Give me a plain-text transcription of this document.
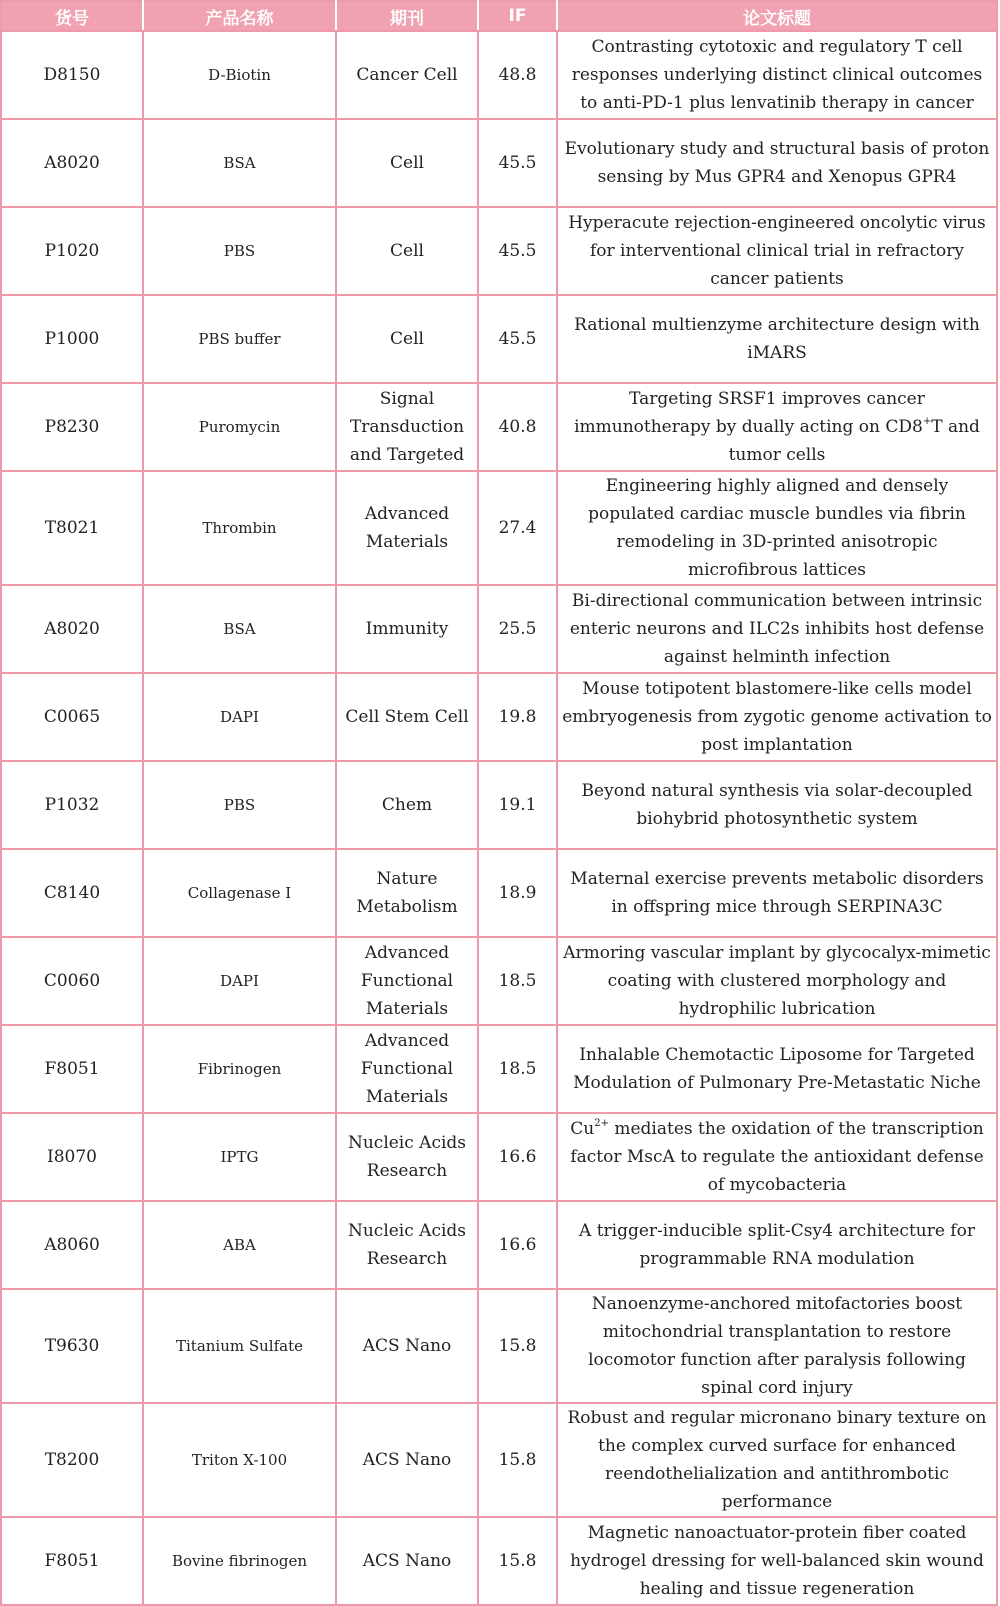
货号	产品名称	期刊	IF	论文标题
D8150	D-Biotin	Cancer Cell	48.8	Contrasting cytotoxic and regulatory T cell responses underlying distinct clinical outcomes to anti-PD-1 plus lenvatinib therapy in cancer
A8020	BSA	Cell	45.5	Evolutionary study and structural basis of proton sensing by Mus GPR4 and Xenopus GPR4
P1020	PBS	Cell	45.5	Hyperacute rejection-engineered oncolytic virus for interventional clinical trial in refractory cancer patients
P1000	PBS buffer	Cell	45.5	Rational multienzyme architecture design with iMARS
P8230	Puromycin	Signal Transduction and Targeted	40.8	Targeting SRSF1 improves cancer immunotherapy by dually acting on CD8+T and tumor cells
T8021	Thrombin	Advanced Materials	27.4	Engineering highly aligned and densely populated cardiac muscle bundles via fibrin remodeling in 3D-printed anisotropic microfibrous lattices
A8020	BSA	Immunity	25.5	Bi-directional communication between intrinsic enteric neurons and ILC2s inhibits host defense against helminth infection
C0065	DAPI	Cell Stem Cell	19.8	Mouse totipotent blastomere-like cells model embryogenesis from zygotic genome activation to post implantation
P1032	PBS	Chem	19.1	Beyond natural synthesis via solar-decoupled biohybrid photosynthetic system
C8140	Collagenase I	Nature Metabolism	18.9	Maternal exercise prevents metabolic disorders in offspring mice through SERPINA3C
C0060	DAPI	Advanced Functional Materials	18.5	Armoring vascular implant by glycocalyx-mimetic coating with clustered morphology and hydrophilic lubrication
F8051	Fibrinogen	Advanced Functional Materials	18.5	Inhalable Chemotactic Liposome for Targeted Modulation of Pulmonary Pre-Metastatic Niche
I8070	IPTG	Nucleic Acids Research	16.6	$Cu^{2+}$ mediates the oxidation of the transcription factor MscA to regulate the antioxidant defense of mycobacteria
A8060	ABA	Nucleic Acids Research	16.6	A trigger-inducible split-Csy4 architecture for programmable RNA modulation
T9630	Titanium Sulfate	ACS Nano	15.8	Nanoenzyme-anchored mitofactories boost mitochondrial transplantation to restore locomotor function after paralysis following spinal cord injury
T8200	Triton X-100	ACS Nano	15.8	Robust and regular micronano binary texture on the complex curved surface for enhanced reendothelialization and antithrombotic performance
F8051	Bovine fibrinogen	ACS Nano	15.8	Magnetic nanoactuator-protein fiber coated hydrogel dressing for well-balanced skin wound healing and tissue regeneration
